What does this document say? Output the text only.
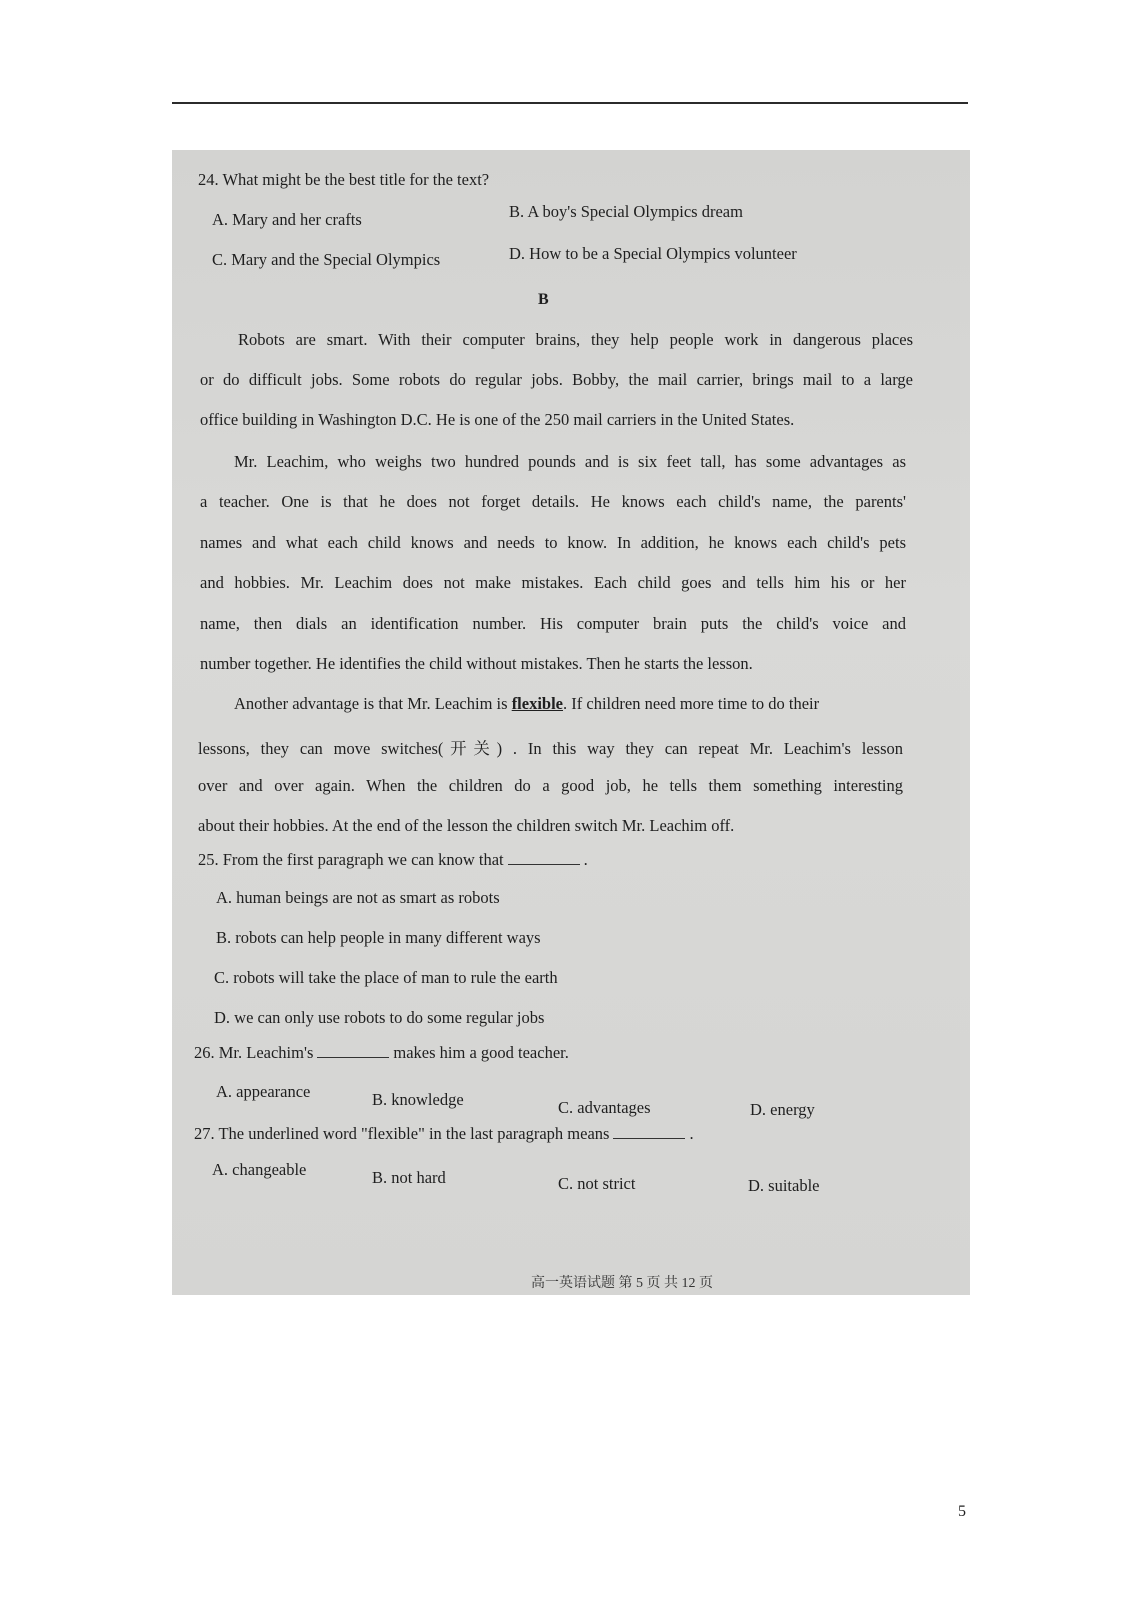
24. What might be the best title for the text?
A. Mary and her crafts	B. A boy's Special Olympics dream
C. Mary and the Special Olympics	D. How to be a Special Olympics volunteer
B
Robots are smart. With their computer brains, they help people work in dangerous places
or do difficult jobs. Some robots do regular jobs. Bobby, the mail carrier, brings mail to a large
office building in Washington D.C. He is one of the 250 mail carriers in the United States.
Mr. Leachim, who weighs two hundred pounds and is six feet tall, has some advantages as
a teacher. One is that he does not forget details. He knows each child's name, the parents'
names and what each child knows and needs to know. In addition, he knows each child's pets
and hobbies. Mr. Leachim does not make mistakes. Each child goes and tells him his or her
name, then dials an identification number. His computer brain puts the child's voice and
number together. He identifies the child without mistakes. Then he starts the lesson.
Another advantage is that Mr. Leachim is flexible. If children need more time to do their
lessons, they can move switches(开关) . In this way they can repeat Mr. Leachim's lesson
over and over again. When the children do a good job, he tells them something interesting
about their hobbies. At the end of the lesson the children switch Mr. Leachim off.
25. From the first paragraph we can know that	.
A. human beings are not as smart as robots
B. robots can help people in many different ways
C. robots will take the place of man to rule the earth
D. we can only use robots to do some regular jobs
26. Mr. Leachim's	makes him a good teacher.
A. appearance	B. knowledge	C. advantages	D. energy
27. The underlined word "flexible" in the last paragraph means	.
A. changeable	B. not hard	C. not strict	D. suitable
高一英语试题 第 5 页 共 12 页
5
